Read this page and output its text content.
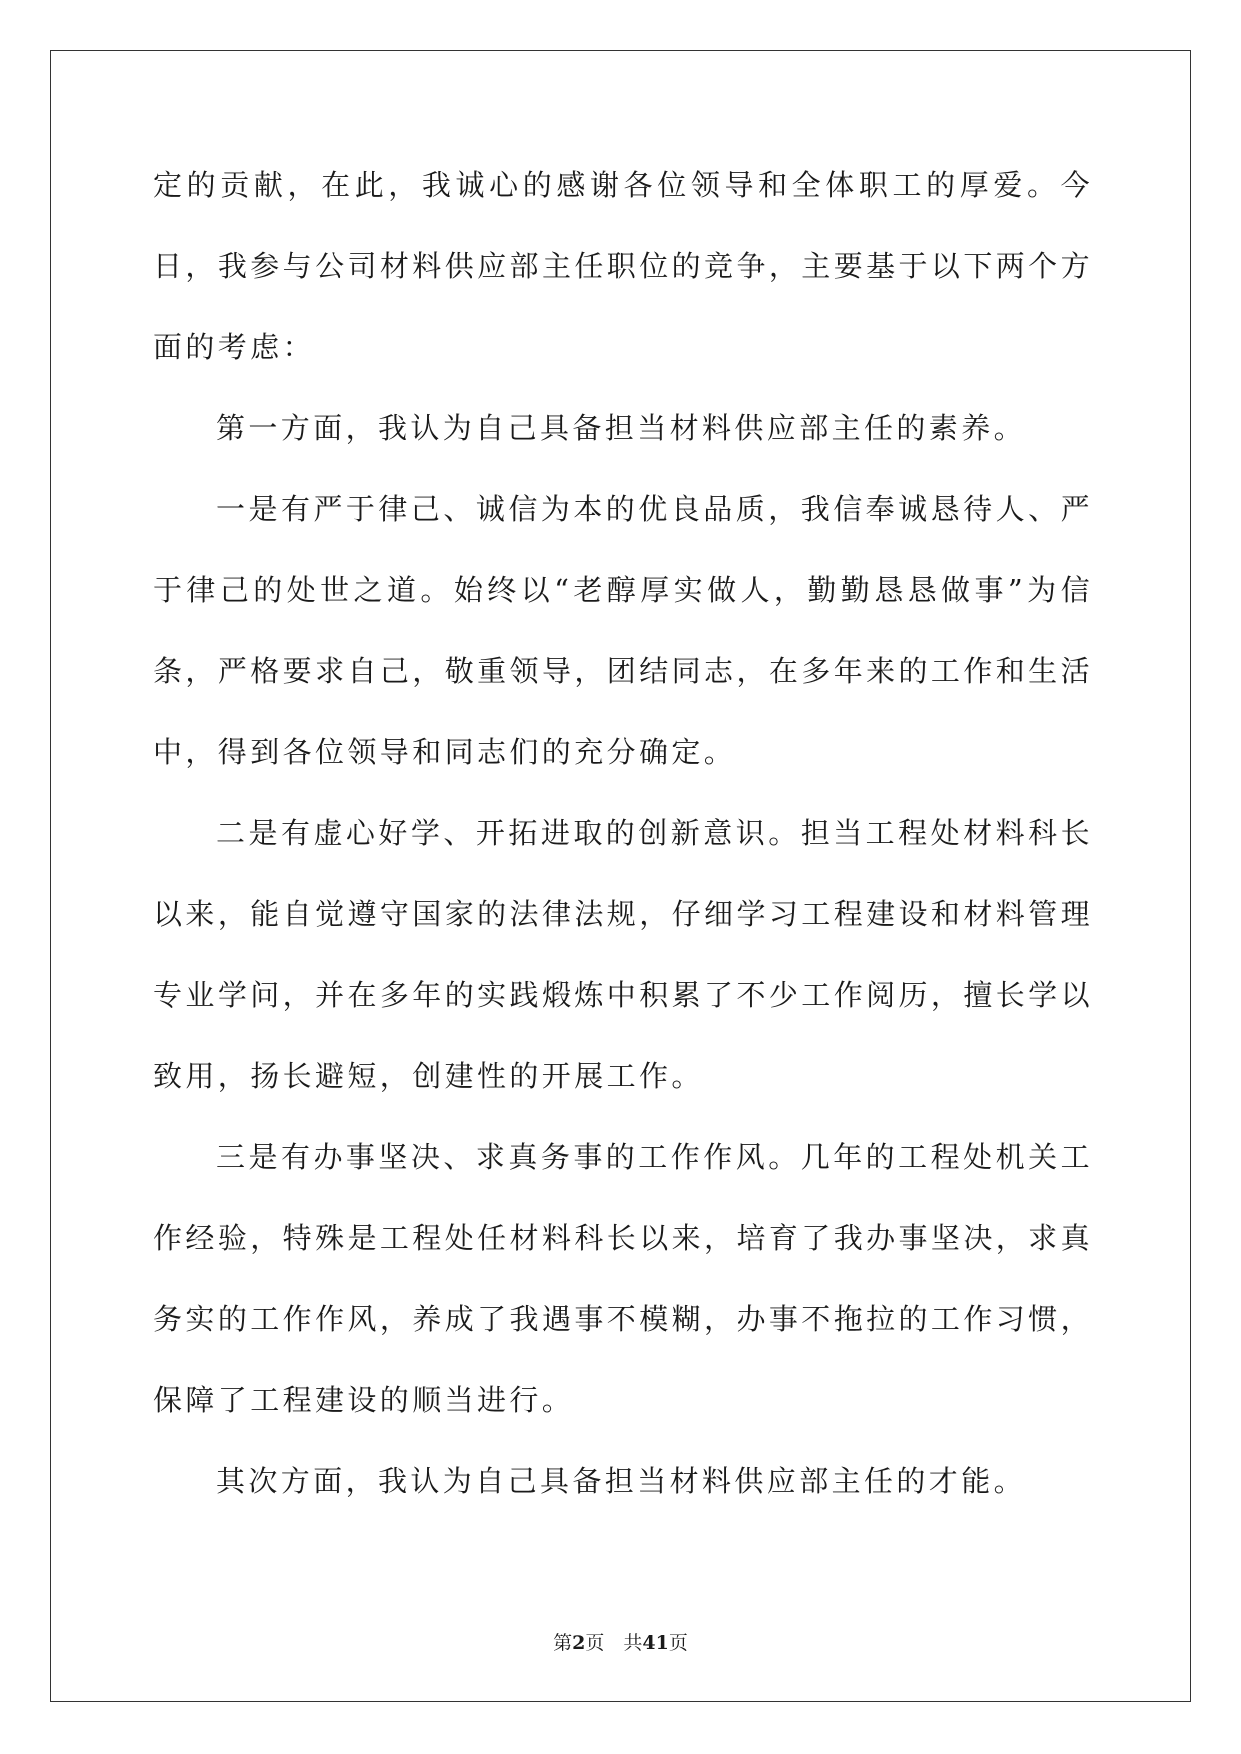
定的贡献，在此，我诚心的感谢各位领导和全体职工的厚爱。今日，我参与公司材料供应部主任职位的竞争，主要基于以下两个方面的考虑：

第一方面，我认为自己具备担当材料供应部主任的素养。

一是有严于律己、诚信为本的优良品质，我信奉诚恳待人、严于律己的处世之道。始终以“老醇厚实做人，勤勤恳恳做事”为信条，严格要求自己，敬重领导，团结同志，在多年来的工作和生活中，得到各位领导和同志们的充分确定。

二是有虚心好学、开拓进取的创新意识。担当工程处材料科长以来，能自觉遵守国家的法律法规，仔细学习工程建设和材料管理专业学问，并在多年的实践煅炼中积累了不少工作阅历，擅长学以致用，扬长避短，创建性的开展工作。

三是有办事坚决、求真务事的工作作风。几年的工程处机关工作经验，特殊是工程处任材料科长以来，培育了我办事坚决，求真务实的工作作风，养成了我遇事不模糊，办事不拖拉的工作习惯，保障了工程建设的顺当进行。

其次方面，我认为自己具备担当材料供应部主任的才能。

第2页　共41页
